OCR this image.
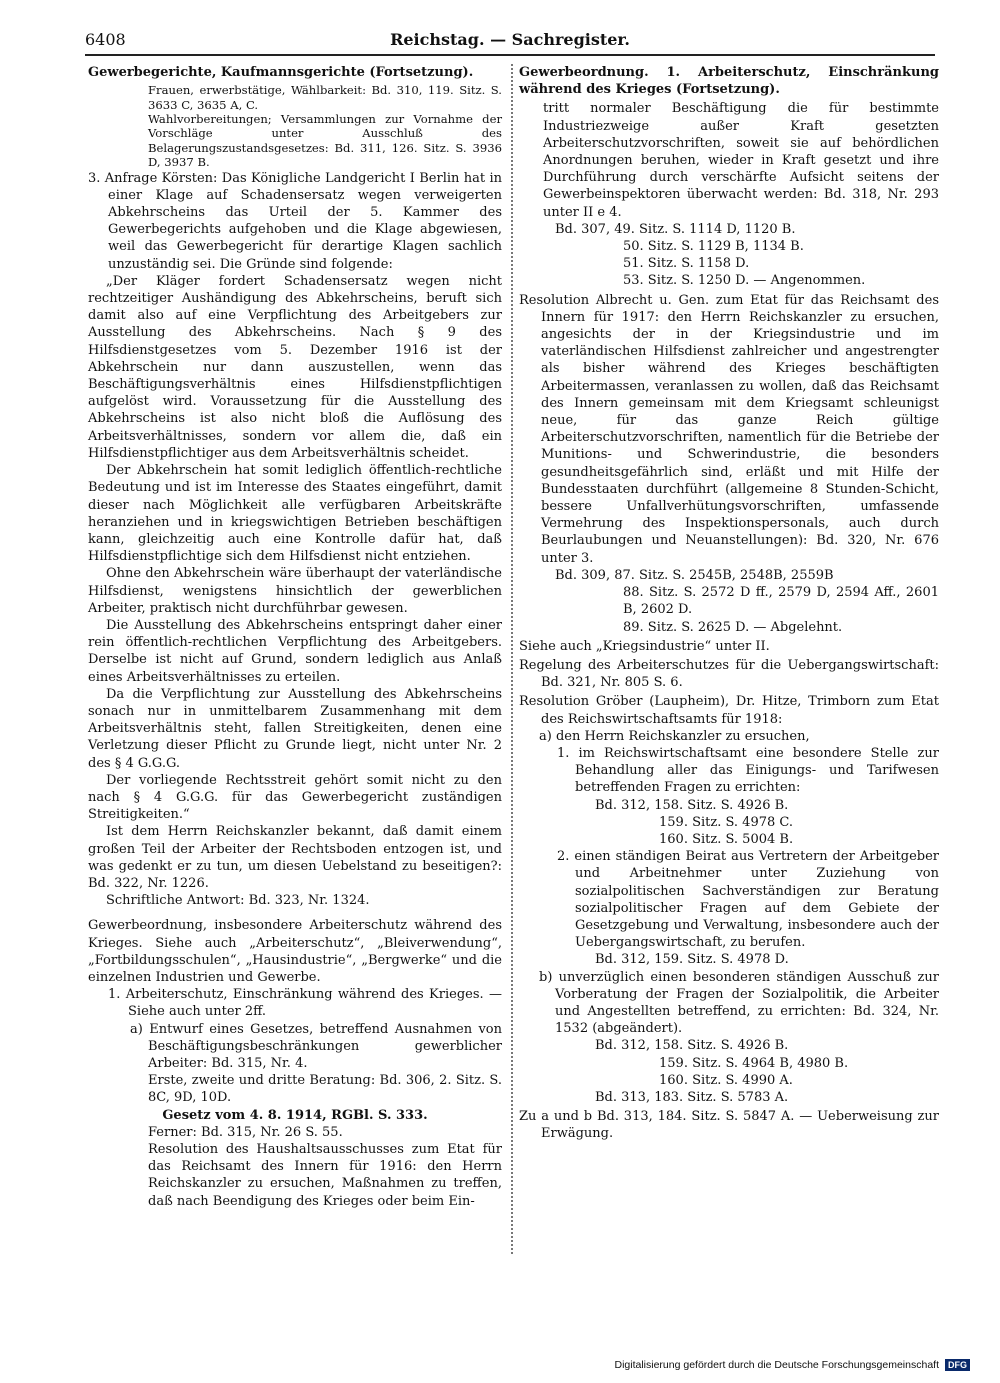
6408	Reichstag. — Sachregister.

Gewerbegerichte, Kaufmannsgerichte (Fortsetzung).

Frauen, erwerbstätige, Wählbarkeit: Bd. 310, 119. Sitz. S. 3633 C, 3635 A, C.

Wahlvorbereitungen; Versammlungen zur Vornahme der Vorschläge unter Ausschluß des Belagerungszustandsgesetzes: Bd. 311, 126. Sitz. S. 3936 D, 3937 B.

3. Anfrage Körsten: Das Königliche Landgericht I Berlin hat in einer Klage auf Schadensersatz wegen verweigerten Abkehrscheins das Urteil der 5. Kammer des Gewerbegerichts aufgehoben und die Klage abgewiesen, weil das Gewerbegericht für derartige Klagen sachlich unzuständig sei. Die Gründe sind folgende:

„Der Kläger fordert Schadensersatz wegen nicht rechtzeitiger Aushändigung des Abkehrscheins, beruft sich damit also auf eine Verpflichtung des Arbeitgebers zur Ausstellung des Abkehrscheins. Nach § 9 des Hilfsdienstgesetzes vom 5. Dezember 1916 ist der Abkehrschein nur dann auszustellen, wenn das Beschäftigungsverhältnis eines Hilfsdienstpflichtigen aufgelöst wird. Voraussetzung für die Ausstellung des Abkehrscheins ist also nicht bloß die Auflösung des Arbeitsverhältnisses, sondern vor allem die, daß ein Hilfsdienstpflichtiger aus dem Arbeitsverhältnis scheidet.

Der Abkehrschein hat somit lediglich öffentlich-rechtliche Bedeutung und ist im Interesse des Staates eingeführt, damit dieser nach Möglichkeit alle verfügbaren Arbeitskräfte heranziehen und in kriegswichtigen Betrieben beschäftigen kann, gleichzeitig auch eine Kontrolle dafür hat, daß Hilfsdienstpflichtige sich dem Hilfsdienst nicht entziehen.

Ohne den Abkehrschein wäre überhaupt der vaterländische Hilfsdienst, wenigstens hinsichtlich der gewerblichen Arbeiter, praktisch nicht durchführbar gewesen.

Die Ausstellung des Abkehrscheins entspringt daher einer rein öffentlich-rechtlichen Verpflichtung des Arbeitgebers. Derselbe ist nicht auf Grund, sondern lediglich aus Anlaß eines Arbeitsverhältnisses zu erteilen.

Da die Verpflichtung zur Ausstellung des Abkehrscheins sonach nur in unmittelbarem Zusammenhang mit dem Arbeitsverhältnis steht, fallen Streitigkeiten, denen eine Verletzung dieser Pflicht zu Grunde liegt, nicht unter Nr. 2 des § 4 G.G.G.

Der vorliegende Rechtsstreit gehört somit nicht zu den nach § 4 G.G.G. für das Gewerbegericht zuständigen Streitigkeiten.“

Ist dem Herrn Reichskanzler bekannt, daß damit einem großen Teil der Arbeiter der Rechtsboden entzogen ist, und was gedenkt er zu tun, um diesen Uebelstand zu beseitigen?: Bd. 322, Nr. 1226.

Schriftliche Antwort: Bd. 323, Nr. 1324.

Gewerbeordnung, insbesondere Arbeiterschutz während des Krieges. Siehe auch „Arbeiterschutz“, „Bleiverwendung“, „Fortbildungsschulen“, „Hausindustrie“, „Bergwerke“ und die einzelnen Industrien und Gewerbe.

1. Arbeiterschutz, Einschränkung während des Krieges. — Siehe auch unter 2ff.

a) Entwurf eines Gesetzes, betreffend Ausnahmen von Beschäftigungsbeschränkungen gewerblicher Arbeiter: Bd. 315, Nr. 4.

Erste, zweite und dritte Beratung: Bd. 306, 2. Sitz. S. 8C, 9D, 10D.

Gesetz vom 4. 8. 1914, RGBl. S. 333.

Ferner: Bd. 315, Nr. 26 S. 55.

Resolution des Haushaltsausschusses zum Etat für das Reichsamt des Innern für 1916: den Herrn Reichskanzler zu ersuchen, Maßnahmen zu treffen, daß nach Beendigung des Krieges oder beim Ein-

Gewerbeordnung. 1. Arbeiterschutz, Einschränkung während des Krieges (Fortsetzung).

tritt normaler Beschäftigung die für bestimmte Industriezweige außer Kraft gesetzten Arbeiterschutzvorschriften, soweit sie auf behördlichen Anordnungen beruhen, wieder in Kraft gesetzt und ihre Durchführung durch verschärfte Aufsicht seitens der Gewerbeinspektoren überwacht werden: Bd. 318, Nr. 293 unter II e 4.

Bd. 307, 49. Sitz. S. 1114 D, 1120 B.

50. Sitz. S. 1129 B, 1134 B.

51. Sitz. S. 1158 D.

53. Sitz. S. 1250 D. — Angenommen.

Resolution Albrecht u. Gen. zum Etat für das Reichsamt des Innern für 1917: den Herrn Reichskanzler zu ersuchen, angesichts der in der Kriegsindustrie und im vaterländischen Hilfsdienst zahlreicher und angestrengter als bisher während des Krieges beschäftigten Arbeitermassen, veranlassen zu wollen, daß das Reichsamt des Innern gemeinsam mit dem Kriegsamt schleunigst neue, für das ganze Reich gültige Arbeiterschutzvorschriften, namentlich für die Betriebe der Munitions- und Schwerindustrie, die besonders gesundheitsgefährlich sind, erläßt und mit Hilfe der Bundesstaaten durchführt (allgemeine 8 Stunden-Schicht, bessere Unfallverhütungsvorschriften, umfassende Vermehrung des Inspektionspersonals, auch durch Beurlaubungen und Neuanstellungen): Bd. 320, Nr. 676 unter 3.

Bd. 309, 87. Sitz. S. 2545B, 2548B, 2559B

88. Sitz. S. 2572 D ff., 2579 D, 2594 Aff., 2601 B, 2602 D.

89. Sitz. S. 2625 D. — Abgelehnt.

Siehe auch „Kriegsindustrie“ unter II.

Regelung des Arbeiterschutzes für die Uebergangswirtschaft: Bd. 321, Nr. 805 S. 6.

Resolution Gröber (Laupheim), Dr. Hitze, Trimborn zum Etat des Reichswirtschaftsamts für 1918:

a) den Herrn Reichskanzler zu ersuchen,

1. im Reichswirtschaftsamt eine besondere Stelle zur Behandlung aller das Einigungs- und Tarifwesen betreffenden Fragen zu errichten:

Bd. 312, 158. Sitz. S. 4926 B.

159. Sitz. S. 4978 C.

160. Sitz. S. 5004 B.

2. einen ständigen Beirat aus Vertretern der Arbeitgeber und Arbeitnehmer unter Zuziehung von sozialpolitischen Sachverständigen zur Beratung sozialpolitischer Fragen auf dem Gebiete der Gesetzgebung und Verwaltung, insbesondere auch der Uebergangswirtschaft, zu berufen.

Bd. 312, 159. Sitz. S. 4978 D.

b) unverzüglich einen besonderen ständigen Ausschuß zur Vorberatung der Fragen der Sozialpolitik, die Arbeiter und Angestellten betreffend, zu errichten: Bd. 324, Nr. 1532 (abgeändert).

Bd. 312, 158. Sitz. S. 4926 B.

159. Sitz. S. 4964 B, 4980 B.

160. Sitz. S. 4990 A.

Bd. 313, 183. Sitz. S. 5783 A.

Zu a und b Bd. 313, 184. Sitz. S. 5847 A. — Ueberweisung zur Erwägung.

Digitalisierung gefördert durch die Deutsche Forschungsgemeinschaft	DFG
